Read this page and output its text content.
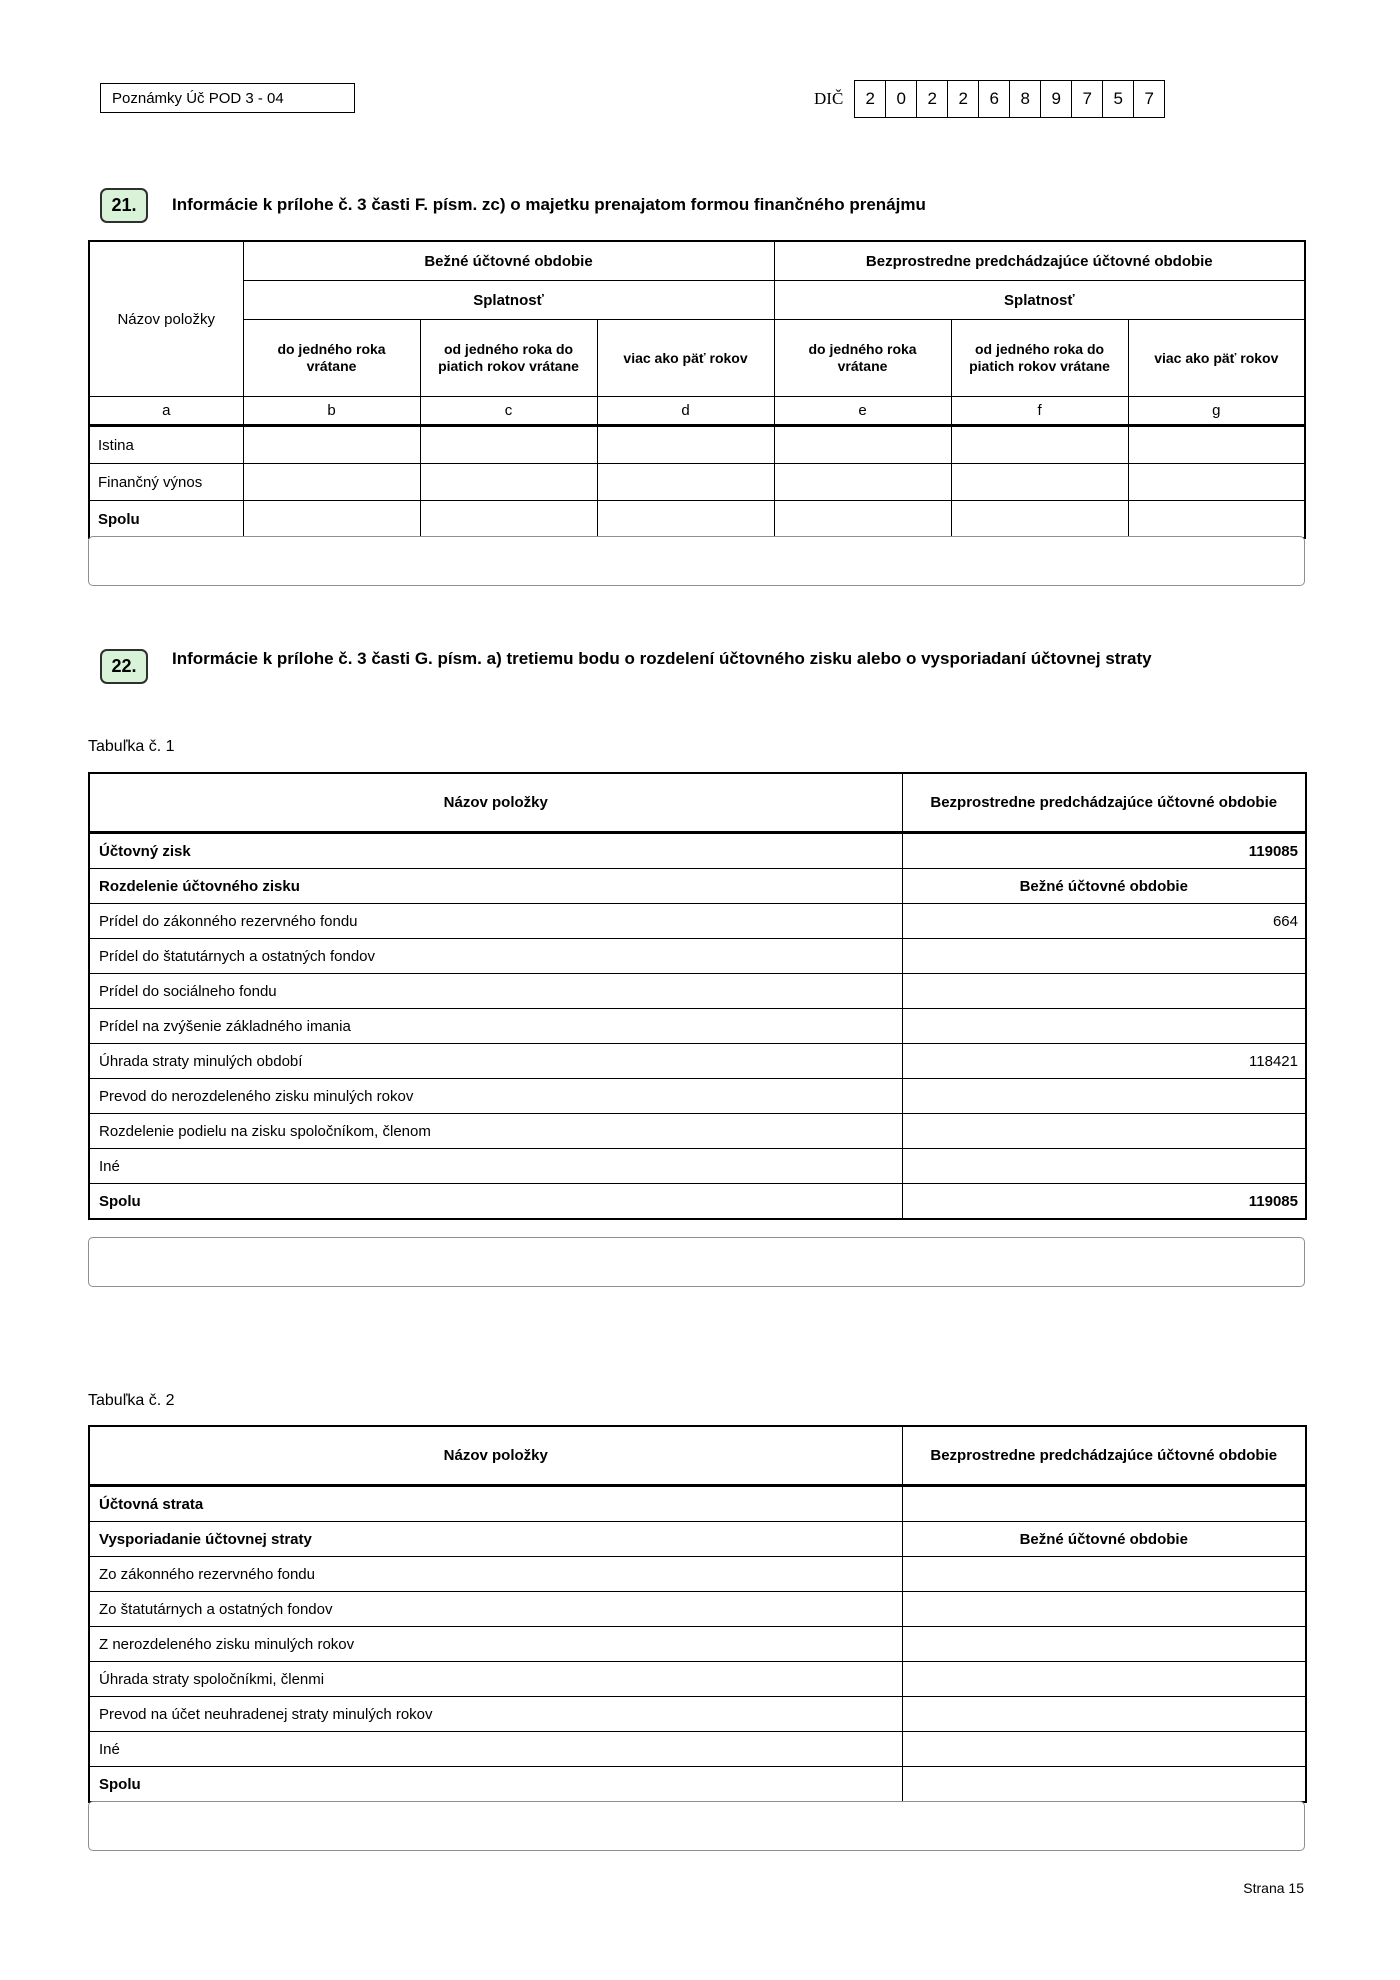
Poznámky Úč POD 3 - 04	DIČ	2	0	2	2	6	8	9	7	5	7
21.	Informácie k prílohe č. 3 časti F. písm. zc) o majetku prenajatom formou finančného prenájmu
Názov položky	Bežné účtovné obdobie			Bezprostredne predchádzajúce účtovné obdobie		
	Splatnosť			Splatnosť		
	do jedného roka vrátane	od jedného roka do piatich rokov vrátane	viac ako päť rokov	do jedného roka vrátane	od jedného roka do piatich rokov vrátane	viac ako päť rokov
a	b	c	d	e	f	g
Istina						
Finančný výnos						
Spolu						
22.	Informácie k prílohe č. 3 časti G. písm. a) tretiemu bodu o rozdelení účtovného zisku alebo o vysporiadaní účtovnej straty
Tabuľka č. 1
Názov položky	Bezprostredne predchádzajúce účtovné obdobie
Účtovný zisk	119085
Rozdelenie účtovného zisku	Bežné účtovné obdobie
Prídel do zákonného rezervného fondu	664
Prídel do štatutárnych a ostatných fondov	
Prídel do sociálneho fondu	
Prídel na zvýšenie základného imania	
Úhrada straty minulých období	118421
Prevod do nerozdeleného zisku minulých rokov	
Rozdelenie podielu na zisku spoločníkom, členom	
Iné	
Spolu	119085
Tabuľka č. 2
Názov položky	Bezprostredne predchádzajúce účtovné obdobie
Účtovná strata	
Vysporiadanie účtovnej straty	Bežné účtovné obdobie
Zo zákonného rezervného fondu	
Zo štatutárnych a ostatných fondov	
Z nerozdeleného zisku minulých rokov	
Úhrada straty spoločníkmi, členmi	
Prevod na účet neuhradenej straty minulých rokov	
Iné	
Spolu	
Strana 15
